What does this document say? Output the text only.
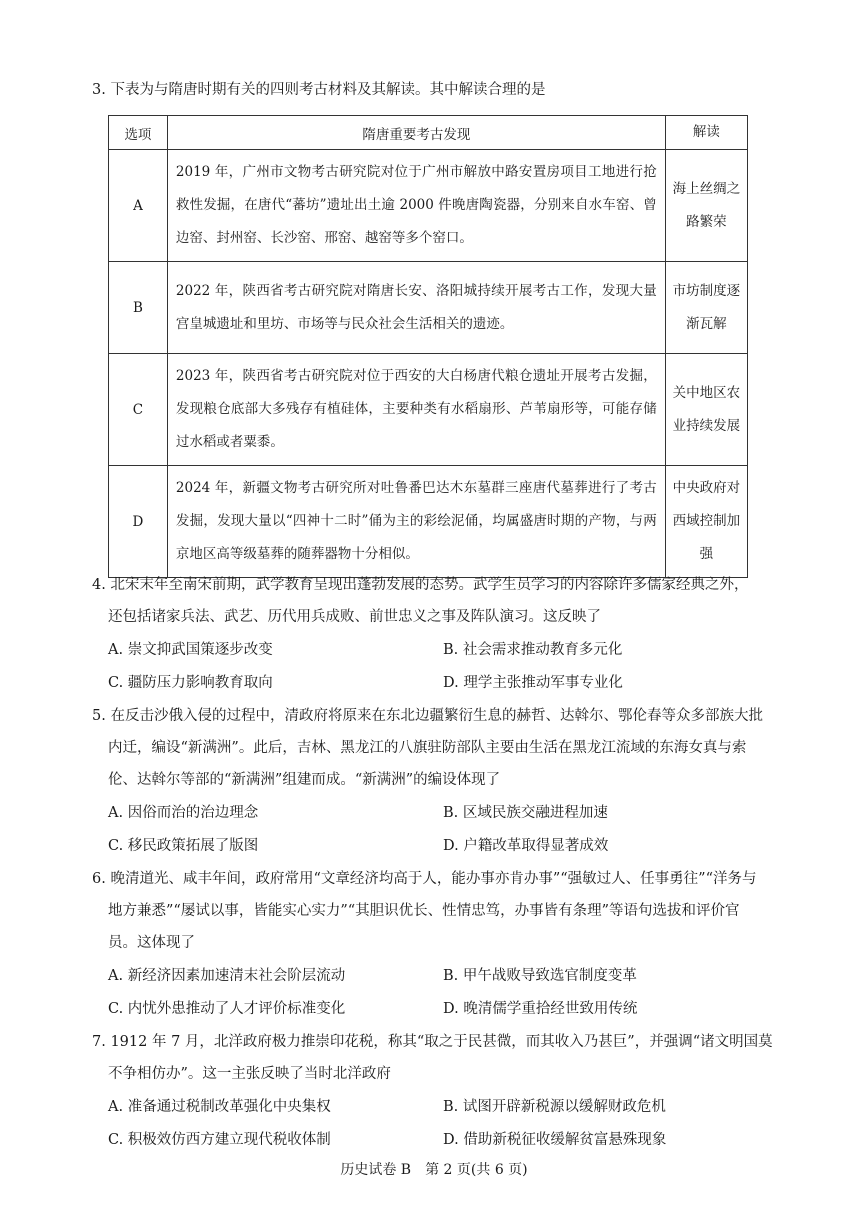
3. 下表为与隋唐时期有关的四则考古材料及其解读。其中解读合理的是
选项	隋唐重要考古发现	解读
A	2019 年，广州市文物考古研究院对位于广州市解放中路安置房项目工地进行抢救性发掘，在唐代“蕃坊”遗址出土逾 2000 件晚唐陶瓷器，分别来自水车窑、曾边窑、封州窑、长沙窑、邢窑、越窑等多个窑口。	海上丝绸之路繁荣
B	2022 年，陕西省考古研究院对隋唐长安、洛阳城持续开展考古工作，发现大量宫皇城遗址和里坊、市场等与民众社会生活相关的遗迹。	市坊制度逐渐瓦解
C	2023 年，陕西省考古研究院对位于西安的大白杨唐代粮仓遗址开展考古发掘，发现粮仓底部大多残存有植硅体，主要种类有水稻扇形、芦苇扇形等，可能存储过水稻或者粟黍。	关中地区农业持续发展
D	2024 年，新疆文物考古研究所对吐鲁番巴达木东墓群三座唐代墓葬进行了考古发掘，发现大量以“四神十二时”俑为主的彩绘泥俑，均属盛唐时期的产物，与两京地区高等级墓葬的随葬器物十分相似。	中央政府对西域控制加强
4. 北宋末年至南宋前期，武学教育呈现出蓬勃发展的态势。武学生员学习的内容除许多儒家经典之外，
还包括诸家兵法、武艺、历代用兵成败、前世忠义之事及阵队演习。这反映了
A. 崇文抑武国策逐步改变	B. 社会需求推动教育多元化
C. 疆防压力影响教育取向	D. 理学主张推动军事专业化
5. 在反击沙俄入侵的过程中，清政府将原来在东北边疆繁衍生息的赫哲、达斡尔、鄂伦春等众多部族大批
内迁，编设“新满洲”。此后，吉林、黑龙江的八旗驻防部队主要由生活在黑龙江流域的东海女真与索
伦、达斡尔等部的“新满洲”组建而成。“新满洲”的编设体现了
A. 因俗而治的治边理念	B. 区域民族交融进程加速
C. 移民政策拓展了版图	D. 户籍改革取得显著成效
6. 晚清道光、咸丰年间，政府常用“文章经济均高于人，能办事亦肯办事”“强敏过人、任事勇往”“洋务与
地方兼悉”“屡试以事，皆能实心实力”“其胆识优长、性情忠笃，办事皆有条理”等语句选拔和评价官
员。这体现了
A. 新经济因素加速清末社会阶层流动	B. 甲午战败导致选官制度变革
C. 内忧外患推动了人才评价标准变化	D. 晚清儒学重拾经世致用传统
7. 1912 年 7 月，北洋政府极力推崇印花税，称其“取之于民甚微，而其收入乃甚巨”，并强调“诸文明国莫
不争相仿办”。这一主张反映了当时北洋政府
A. 准备通过税制改革强化中央集权	B. 试图开辟新税源以缓解财政危机
C. 积极效仿西方建立现代税收体制	D. 借助新税征收缓解贫富悬殊现象
历史试卷 B　第 2 页(共 6 页)
